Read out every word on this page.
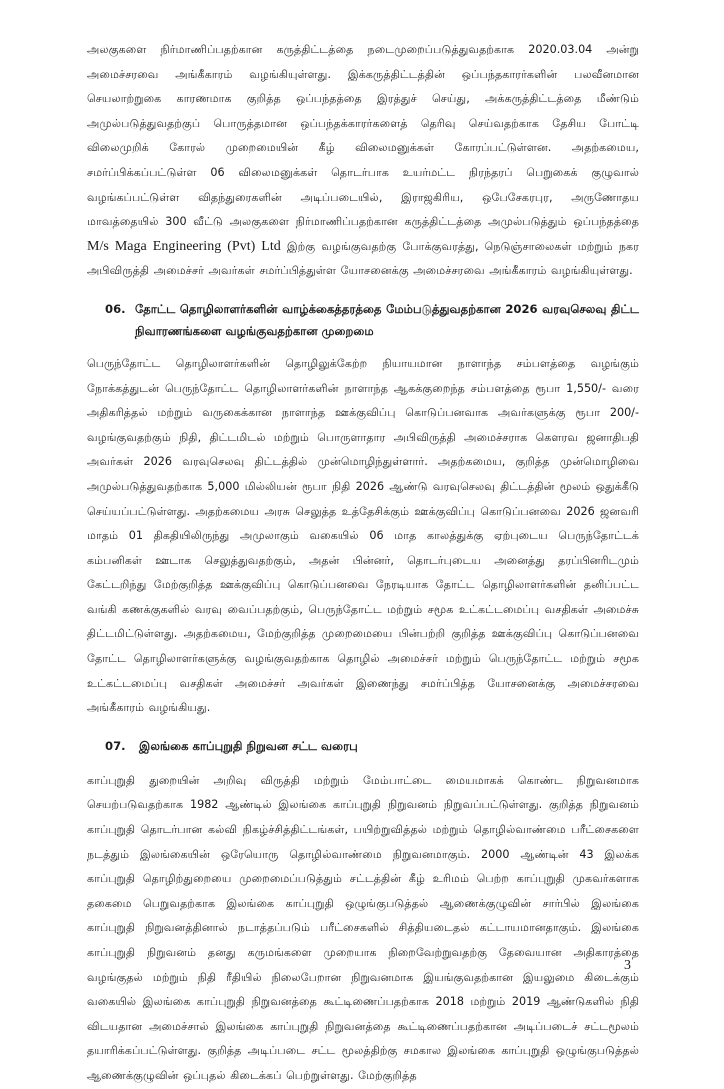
அலகுகளை நிர்மாணிப்பதற்கான கருத்திட்டத்தை நடைமுறைப்படுத்துவதற்காக 2020.03.04 அன்று அமைச்சரவை அங்கீகாரம் வழங்கியுள்ளது. இக்கருத்திட்டத்தின் ஒப்பந்தகாரர்களின் பலவீனமான செயலாற்றுகை காரணமாக குறித்த ஒப்பந்தத்தை இரத்துச் செய்து, அக்கருத்திட்டத்தை மீண்டும் அமுல்படுத்துவதற்குப் பொருத்தமான ஒப்பந்தக்காரர்களைத் தெரிவு செய்வதற்காக தேசிய போட்டி விலைமுறிக் கோரல் முறைமையின் கீழ் விலைமனுக்கள் கோரப்பட்டுள்ளன. அதற்கமைய, சமர்ப்பிக்கப்பட்டுள்ள 06 விலைமனுக்கள் தொடர்பாக உயர்மட்ட நிரந்தரப் பெறுகைக் குழுவால் வழங்கப்பட்டுள்ள விதந்துரைகளின் அடிப்படையில், இராஜகிரிய, ஒபேசேகரபுர, அருணோதய மாவத்தையில் 300 வீட்டு அலகுகளை நிர்மாணிப்பதற்கான கருத்திட்டத்தை அமுல்படுத்தும் ஒப்பந்தத்தை M/s Maga Engineering (Pvt) Ltd இற்கு வழங்குவதற்கு போக்குவரத்து, நெடுஞ்சாலைகள் மற்றும் நகர அபிவிருத்தி அமைச்சர் அவர்கள் சமர்ப்பித்துள்ள யோசனைக்கு அமைச்சரவை அங்கீகாரம் வழங்கியுள்ளது.

06. தோட்ட தொழிலாளர்களின் வாழ்க்கைத்தரத்தை மேம்படுத்துவதற்கான 2026 வரவுசெலவு திட்ட நிவாரணங்களை வழங்குவதற்கான முறைமை

பெருந்தோட்ட தொழிலாளர்களின் தொழிலுக்கேற்ற நியாயமான நாளாந்த சம்பளத்தை வழங்கும் நோக்கத்துடன் பெருந்தோட்ட தொழிலாளர்களின் நாளாந்த ஆகக்குறைந்த சம்பளத்தை ரூபா 1,550/- வரை அதிகரித்தல் மற்றும் வருகைக்கான நாளாந்த ஊக்குவிப்பு கொடுப்பனவாக அவர்களுக்கு ரூபா 200/- வழங்குவதற்கும் நிதி, திட்டமிடல் மற்றும் பொருளாதார அபிவிருத்தி அமைச்சராக கௌரவ ஜனாதிபதி அவர்கள் 2026 வரவுசெலவு திட்டத்தில் முன்மொழிந்துள்ளார். அதற்கமைய, குறித்த முன்மொழிவை அமுல்படுத்துவதற்காக 5,000 மில்லியன் ரூபா நிதி 2026 ஆண்டு வரவுசெலவு திட்டத்தின் மூலம் ஒதுக்கீடு செய்யப்பட்டுள்ளது. அதற்கமைய அரசு செலுத்த உத்தேசிக்கும் ஊக்குவிப்பு கொடுப்பனவை 2026 ஜனவரி மாதம் 01 திகதியிலிருந்து அமுலாகும் வகையில் 06 மாத காலத்துக்கு ஏற்புடைய பெருந்தோட்டக் கம்பனிகள் ஊடாக செலுத்துவதற்கும், அதன் பின்னர், தொடர்புடைய அனைத்து தரப்பினரிடமும் கேட்டறிந்து மேற்குறித்த ஊக்குவிப்பு கொடுப்பனவை நேரடியாக தோட்ட தொழிலாளர்களின் தனிப்பட்ட வங்கி கணக்குகளில் வரவு வைப்பதற்கும், பெருந்தோட்ட மற்றும் சமூக உட்கட்டமைப்பு வசதிகள் அமைச்சு திட்டமிட்டுள்ளது. அதற்கமைய, மேற்குறித்த முறைமையை பின்பற்றி குறித்த ஊக்குவிப்பு கொடுப்பனவை தோட்ட தொழிலாளர்களுக்கு வழங்குவதற்காக தொழில் அமைச்சர் மற்றும் பெருந்தோட்ட மற்றும் சமூக உட்கட்டமைப்பு வசதிகள் அமைச்சர் அவர்கள் இணைந்து சமர்ப்பித்த யோசனைக்கு அமைச்சரவை அங்கீகாரம் வழங்கியது.

07. இலங்கை காப்புறுதி நிறுவன சட்ட வரைபு

காப்புறுதி துறையின் அறிவு விருத்தி மற்றும் மேம்பாட்டை மையமாகக் கொண்ட நிறுவனமாக செயற்படுவதற்காக 1982 ஆண்டில் இலங்கை காப்புறுதி நிறுவனம் நிறுவப்பட்டுள்ளது. குறித்த நிறுவனம் காப்புறுதி தொடர்பான கல்வி நிகழ்ச்சித்திட்டங்கள், பயிற்றுவித்தல் மற்றும் தொழில்வாண்மை பரீட்சைகளை நடத்தும் இலங்கையின் ஒரேயொரு தொழில்வாண்மை நிறுவனமாகும். 2000 ஆண்டின் 43 இலக்க காப்புறுதி தொழிற்துறையை முறைமைப்படுத்தும் சட்டத்தின் கீழ் உரிமம் பெற்ற காப்புறுதி முகவர்களாக தகைமை பெறுவதற்காக இலங்கை காப்புறுதி ஒழுங்குபடுத்தல் ஆணைக்குழுவின் சார்பில் இலங்கை காப்புறுதி நிறுவனத்தினால் நடாத்தப்படும் பரீட்சைகளில் சித்தியடைதல் கட்டாயமானதாகும். இலங்கை காப்புறுதி நிறுவனம் தனது கருமங்களை முறையாக நிறைவேற்றுவதற்கு தேவையான அதிகாரத்தை வழங்குதல் மற்றும் நிதி ரீதியில் நிலைபேறான நிறுவனமாக இயங்குவதற்கான இயலுமை கிடைக்கும் வகையில் இலங்கை காப்புறுதி நிறுவனத்தை கூட்டிணைப்பதற்காக 2018 மற்றும் 2019 ஆண்டுகளில் நிதி விடயதான அமைச்சால் இலங்கை காப்புறுதி நிறுவனத்தை கூட்டிணைப்பதற்கான அடிப்படைச் சட்டமூலம் தயாரிக்கப்பட்டுள்ளது. குறித்த அடிப்படை சட்ட மூலத்திற்கு சமகால இலங்கை காப்புறுதி ஒழுங்குபடுத்தல் ஆணைக்குழுவின் ஒப்புதல் கிடைக்கப் பெற்றுள்ளது. மேற்குறித்த

3
